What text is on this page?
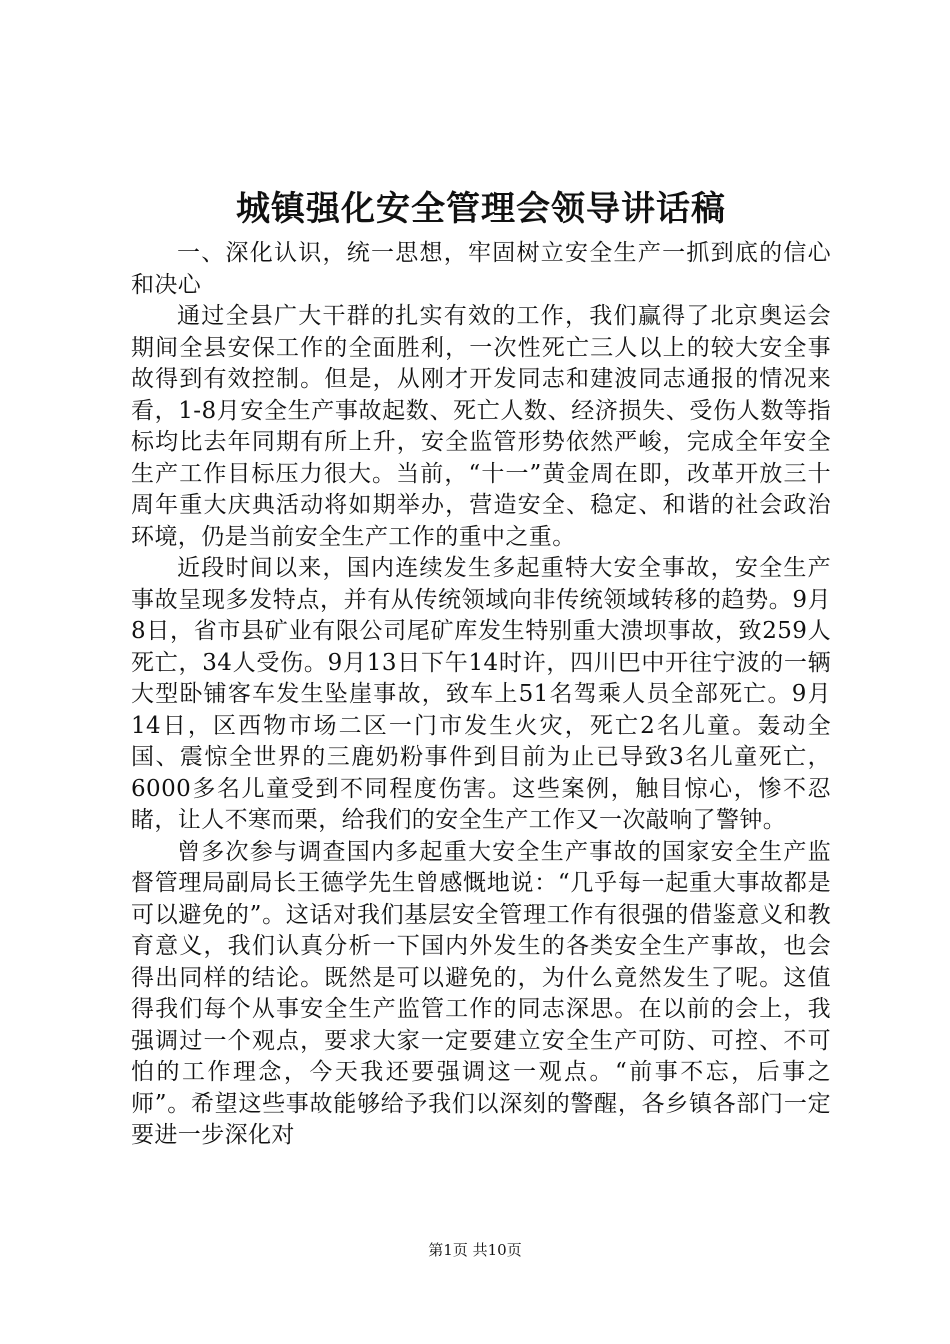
城镇强化安全管理会领导讲话稿

一、深化认识，统一思想，牢固树立安全生产一抓到底的信心和决心

通过全县广大干群的扎实有效的工作，我们赢得了北京奥运会期间全县安保工作的全面胜利，一次性死亡三人以上的较大安全事故得到有效控制。但是，从刚才开发同志和建波同志通报的情况来看，1-8月安全生产事故起数、死亡人数、经济损失、受伤人数等指标均比去年同期有所上升，安全监管形势依然严峻，完成全年安全生产工作目标压力很大。当前，“十一”黄金周在即，改革开放三十周年重大庆典活动将如期举办，营造安全、稳定、和谐的社会政治环境，仍是当前安全生产工作的重中之重。

近段时间以来，国内连续发生多起重特大安全事故，安全生产事故呈现多发特点，并有从传统领域向非传统领域转移的趋势。9月8日，省市县矿业有限公司尾矿库发生特别重大溃坝事故，致259人死亡，34人受伤。9月13日下午14时许，四川巴中开往宁波的一辆大型卧铺客车发生坠崖事故，致车上51名驾乘人员全部死亡。9月14日，区西物市场二区一门市发生火灾，死亡2名儿童。轰动全国、震惊全世界的三鹿奶粉事件到目前为止已导致3名儿童死亡，6000多名儿童受到不同程度伤害。这些案例，触目惊心，惨不忍睹，让人不寒而栗，给我们的安全生产工作又一次敲响了警钟。

曾多次参与调查国内多起重大安全生产事故的国家安全生产监督管理局副局长王德学先生曾感慨地说：“几乎每一起重大事故都是可以避免的”。这话对我们基层安全管理工作有很强的借鉴意义和教育意义，我们认真分析一下国内外发生的各类安全生产事故，也会得出同样的结论。既然是可以避免的，为什么竟然发生了呢。这值得我们每个从事安全生产监管工作的同志深思。在以前的会上，我强调过一个观点，要求大家一定要建立安全生产可防、可控、不可怕的工作理念，今天我还要强调这一观点。“前事不忘，后事之师”。希望这些事故能够给予我们以深刻的警醒，各乡镇各部门一定要进一步深化对

第1页 共10页
